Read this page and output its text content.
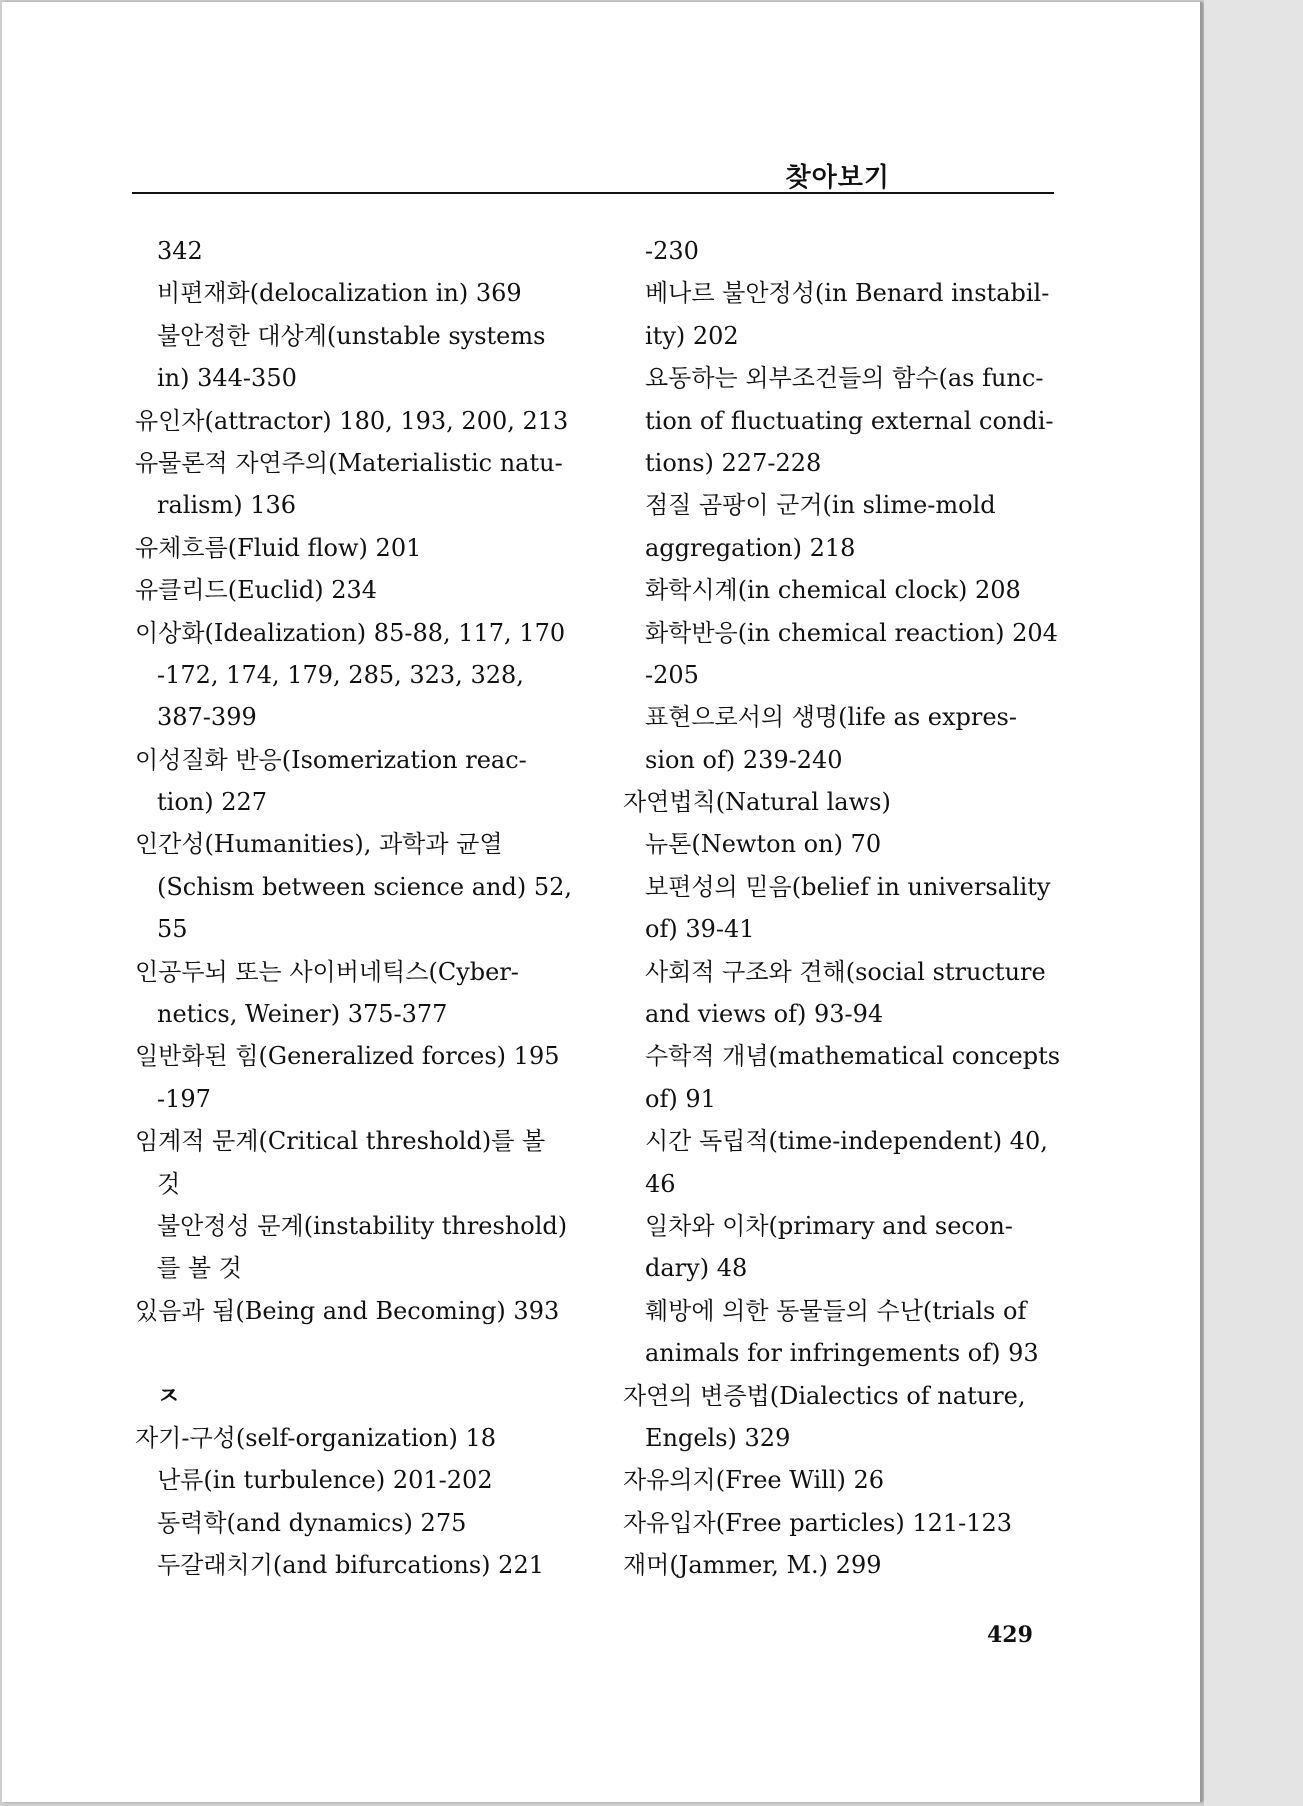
찾아보기
342
비편재화(delocalization in) 369
불안정한 대상계(unstable systems
in) 344-350
유인자(attractor) 180, 193, 200, 213
유물론적 자연주의(Materialistic natu-
ralism) 136
유체흐름(Fluid flow) 201
유클리드(Euclid) 234
이상화(Idealization) 85-88, 117, 170
-172, 174, 179, 285, 323, 328,
387-399
이성질화 반응(Isomerization reac-
tion) 227
인간성(Humanities), 과학과 균열
(Schism between science and) 52,
55
인공두뇌 또는 사이버네틱스(Cyber-
netics, Weiner) 375-377
일반화된 힘(Generalized forces) 195
-197
임계적 문계(Critical threshold)를 볼
것
불안정성 문계(instability threshold)
를 볼 것
있음과 됨(Being and Becoming) 393
ㅈ
자기-구성(self-organization) 18
난류(in turbulence) 201-202
동력학(and dynamics) 275
두갈래치기(and bifurcations) 221
-230
베나르 불안정성(in Benard instabil-
ity) 202
요동하는 외부조건들의 함수(as func-
tion of fluctuating external condi-
tions) 227-228
점질 곰팡이 군거(in slime-mold
aggregation) 218
화학시계(in chemical clock) 208
화학반응(in chemical reaction) 204
-205
표현으로서의 생명(life as expres-
sion of) 239-240
자연법칙(Natural laws)
뉴톤(Newton on) 70
보편성의 믿음(belief in universality
of) 39-41
사회적 구조와 견해(social structure
and views of) 93-94
수학적 개념(mathematical concepts
of) 91
시간 독립적(time-independent) 40,
46
일차와 이차(primary and secon-
dary) 48
훼방에 의한 동물들의 수난(trials of
animals for infringements of) 93
자연의 변증법(Dialectics of nature,
Engels) 329
자유의지(Free Will) 26
자유입자(Free particles) 121-123
재머(Jammer, M.) 299
429
